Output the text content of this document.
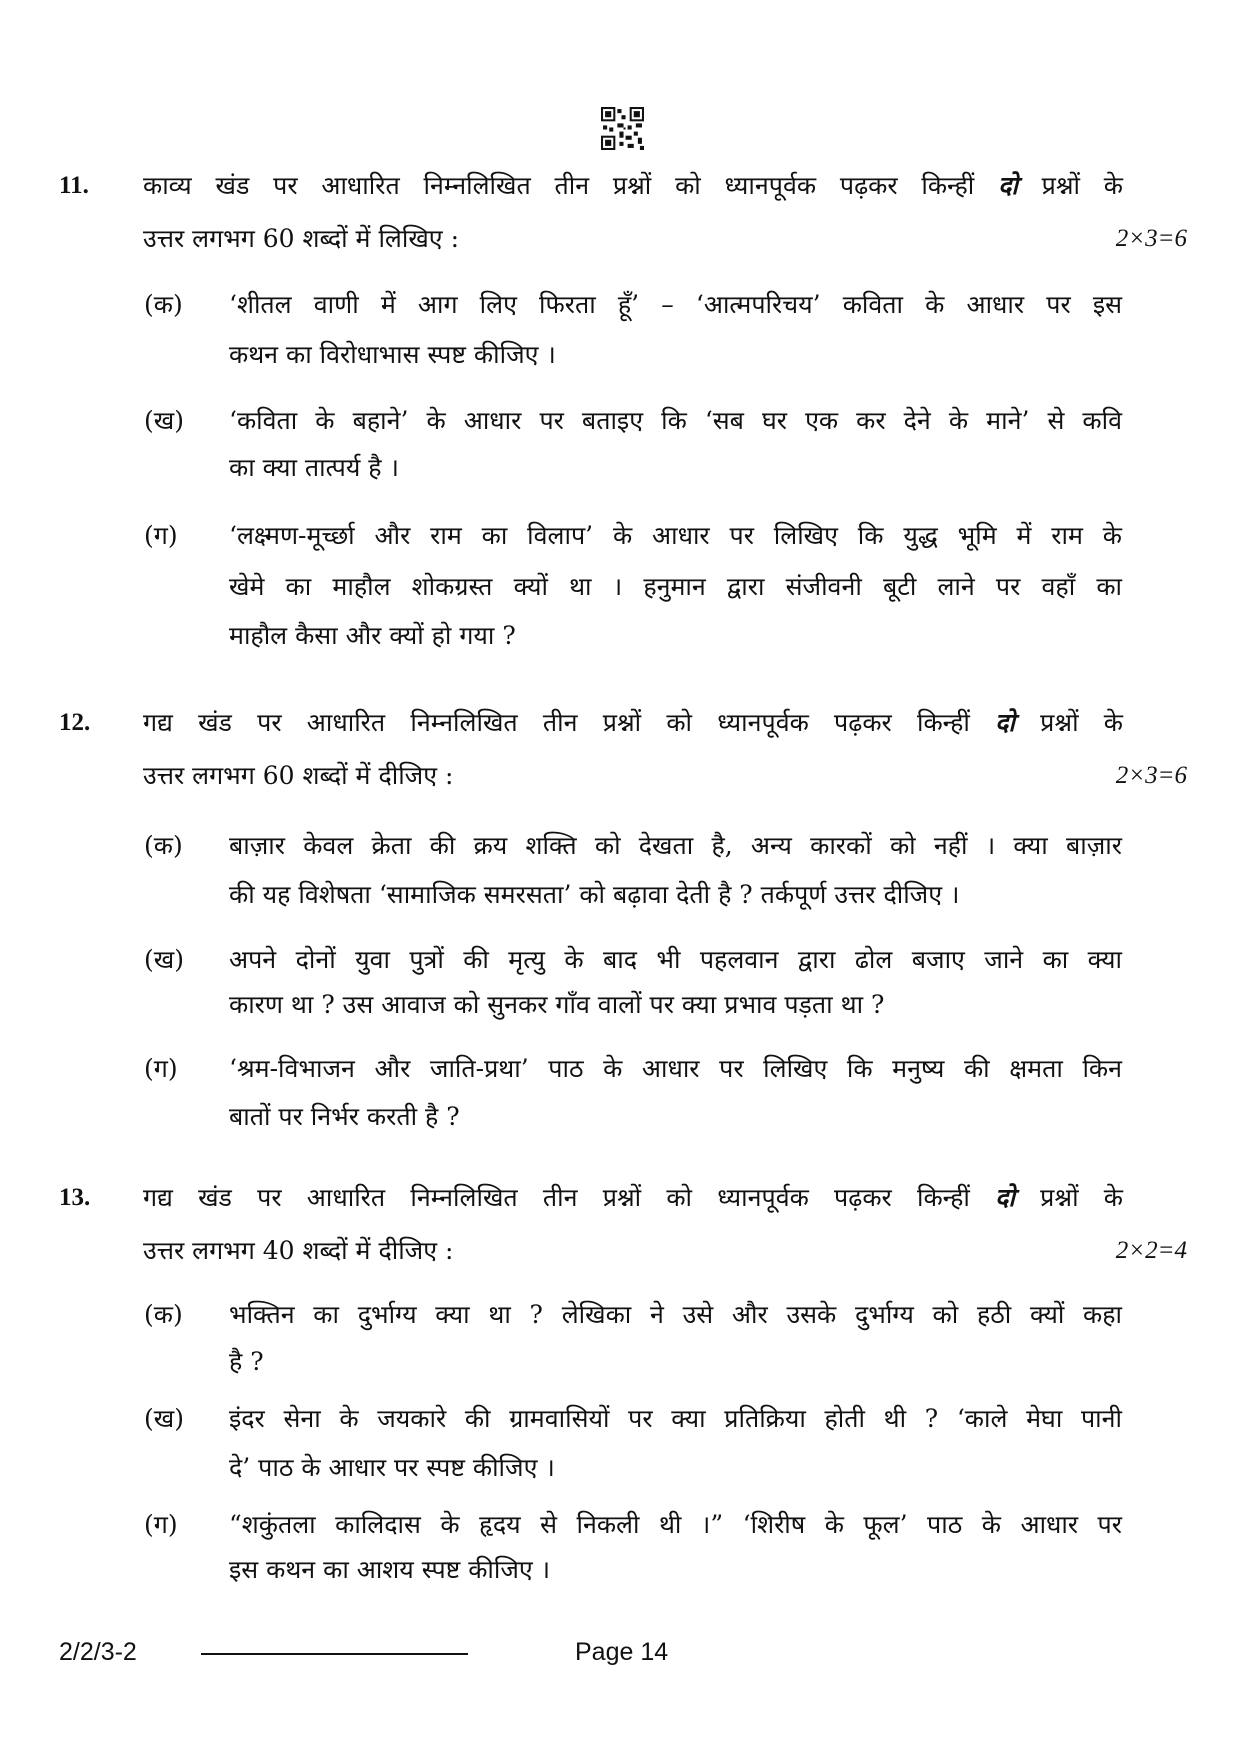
11. काव्य खंड पर आधारित निम्नलिखित तीन प्रश्नों को ध्यानपूर्वक पढ़कर किन्हीं दो प्रश्नों के
उत्तर लगभग 60 शब्दों में लिखिए :	2×3=6
(क) ‘शीतल वाणी में आग लिए फिरता हूँ’ – ‘आत्मपरिचय’ कविता के आधार पर इस
कथन का विरोधाभास स्पष्ट कीजिए ।
(ख) ‘कविता के बहाने’ के आधार पर बताइए कि ‘सब घर एक कर देने के माने’ से कवि
का क्या तात्पर्य है ।
(ग) ‘लक्ष्मण-मूर्च्छा और राम का विलाप’ के आधार पर लिखिए कि युद्ध भूमि में राम के
खेमे का माहौल शोकग्रस्त क्यों था । हनुमान द्वारा संजीवनी बूटी लाने पर वहाँ का
माहौल कैसा और क्यों हो गया ?
12. गद्य खंड पर आधारित निम्नलिखित तीन प्रश्नों को ध्यानपूर्वक पढ़कर किन्हीं दो प्रश्नों के
उत्तर लगभग 60 शब्दों में दीजिए :	2×3=6
(क) बाज़ार केवल क्रेता की क्रय शक्ति को देखता है, अन्य कारकों को नहीं । क्या बाज़ार
की यह विशेषता ‘सामाजिक समरसता’ को बढ़ावा देती है ? तर्कपूर्ण उत्तर दीजिए ।
(ख) अपने दोनों युवा पुत्रों की मृत्यु के बाद भी पहलवान द्वारा ढोल बजाए जाने का क्या
कारण था ? उस आवाज को सुनकर गाँव वालों पर क्या प्रभाव पड़ता था ?
(ग) ‘श्रम-विभाजन और जाति-प्रथा’ पाठ के आधार पर लिखिए कि मनुष्य की क्षमता किन
बातों पर निर्भर करती है ?
13. गद्य खंड पर आधारित निम्नलिखित तीन प्रश्नों को ध्यानपूर्वक पढ़कर किन्हीं दो प्रश्नों के
उत्तर लगभग 40 शब्दों में दीजिए :	2×2=4
(क) भक्तिन का दुर्भाग्य क्या था ? लेखिका ने उसे और उसके दुर्भाग्य को हठी क्यों कहा
है ?
(ख) इंदर सेना के जयकारे की ग्रामवासियों पर क्या प्रतिक्रिया होती थी ? ‘काले मेघा पानी
दे’ पाठ के आधार पर स्पष्ट कीजिए ।
(ग) “शकुंतला कालिदास के हृदय से निकली थी ।” ‘शिरीष के फूल’ पाठ के आधार पर
इस कथन का आशय स्पष्ट कीजिए ।
2/2/3-2	Page 14
